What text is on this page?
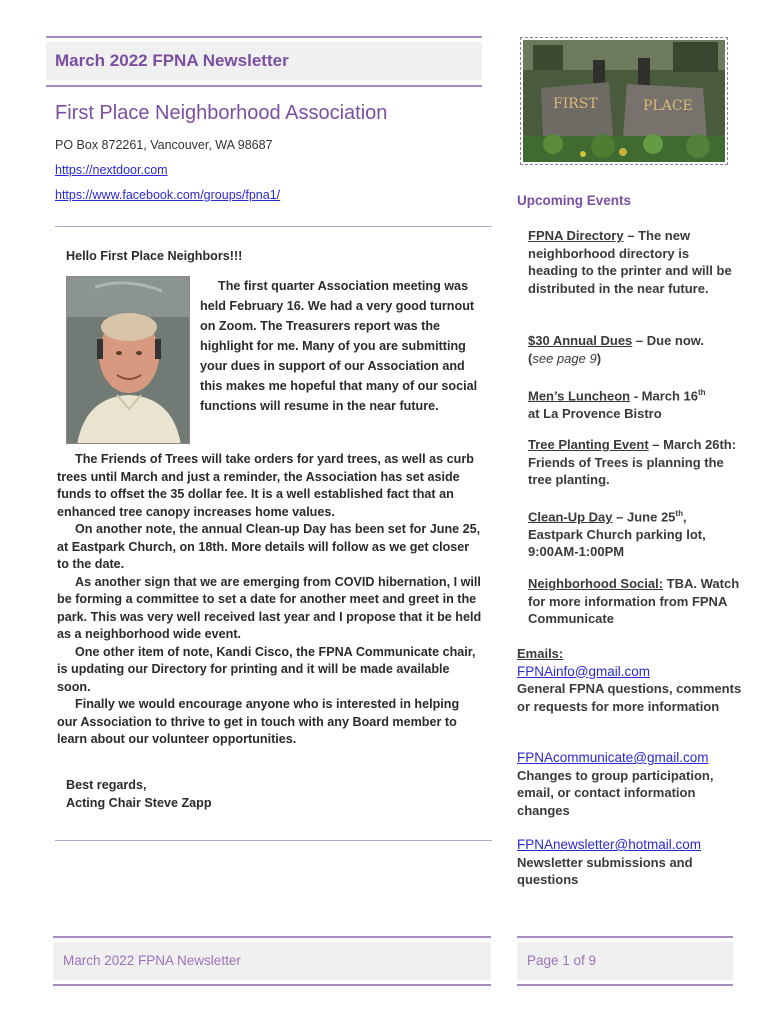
March 2022 FPNA Newsletter
First Place Neighborhood Association
PO Box 872261, Vancouver, WA 98687
https://nextdoor.com
https://www.facebook.com/groups/fpna1/
Hello First Place Neighbors!!!

The first quarter Association meeting was held February 16. We had a very good turnout on Zoom. The Treasurers report was the highlight for me. Many of you are submitting your dues in support of our Association and this makes me hopeful that many of our social functions will resume in the near future.

The Friends of Trees will take orders for yard trees, as well as curb trees until March and just a reminder, the Association has set aside funds to offset the 35 dollar fee. It is a well established fact that an enhanced tree canopy increases home values.

On another note, the annual Clean-up Day has been set for June 25, at Eastpark Church, on 18th. More details will follow as we get closer to the date.

As another sign that we are emerging from COVID hibernation, I will be forming a committee to set a date for another meet and greet in the park. This was very well received last year and I propose that it be held as a neighborhood wide event.

One other item of note, Kandi Cisco, the FPNA Communicate chair, is updating our Directory for printing and it will be made available soon.

Finally we would encourage anyone who is interested in helping our Association to thrive to get in touch with any Board member to learn about our volunteer opportunities.

Best regards,
Acting Chair Steve Zapp
FIRST	PLACE
Upcoming Events
FPNA Directory – The new neighborhood directory is heading to the printer and will be distributed in the near future.
$30 Annual Dues – Due now.
(see page 9)
Men’s Luncheon - March 16th
at La Provence Bistro
Tree Planting Event – March 26th: Friends of Trees is planning the tree planting.
Clean-Up Day – June 25th, Eastpark Church parking lot, 9:00AM-1:00PM
Neighborhood Social: TBA. Watch for more information from FPNA Communicate
Emails:
FPNAinfo@gmail.com
General FPNA questions, comments or requests for more information
FPNAcommunicate@gmail.com
Changes to group participation, email, or contact information changes
FPNAnewsletter@hotmail.com
Newsletter submissions and questions
March 2022 FPNA Newsletter	Page 1 of 9
